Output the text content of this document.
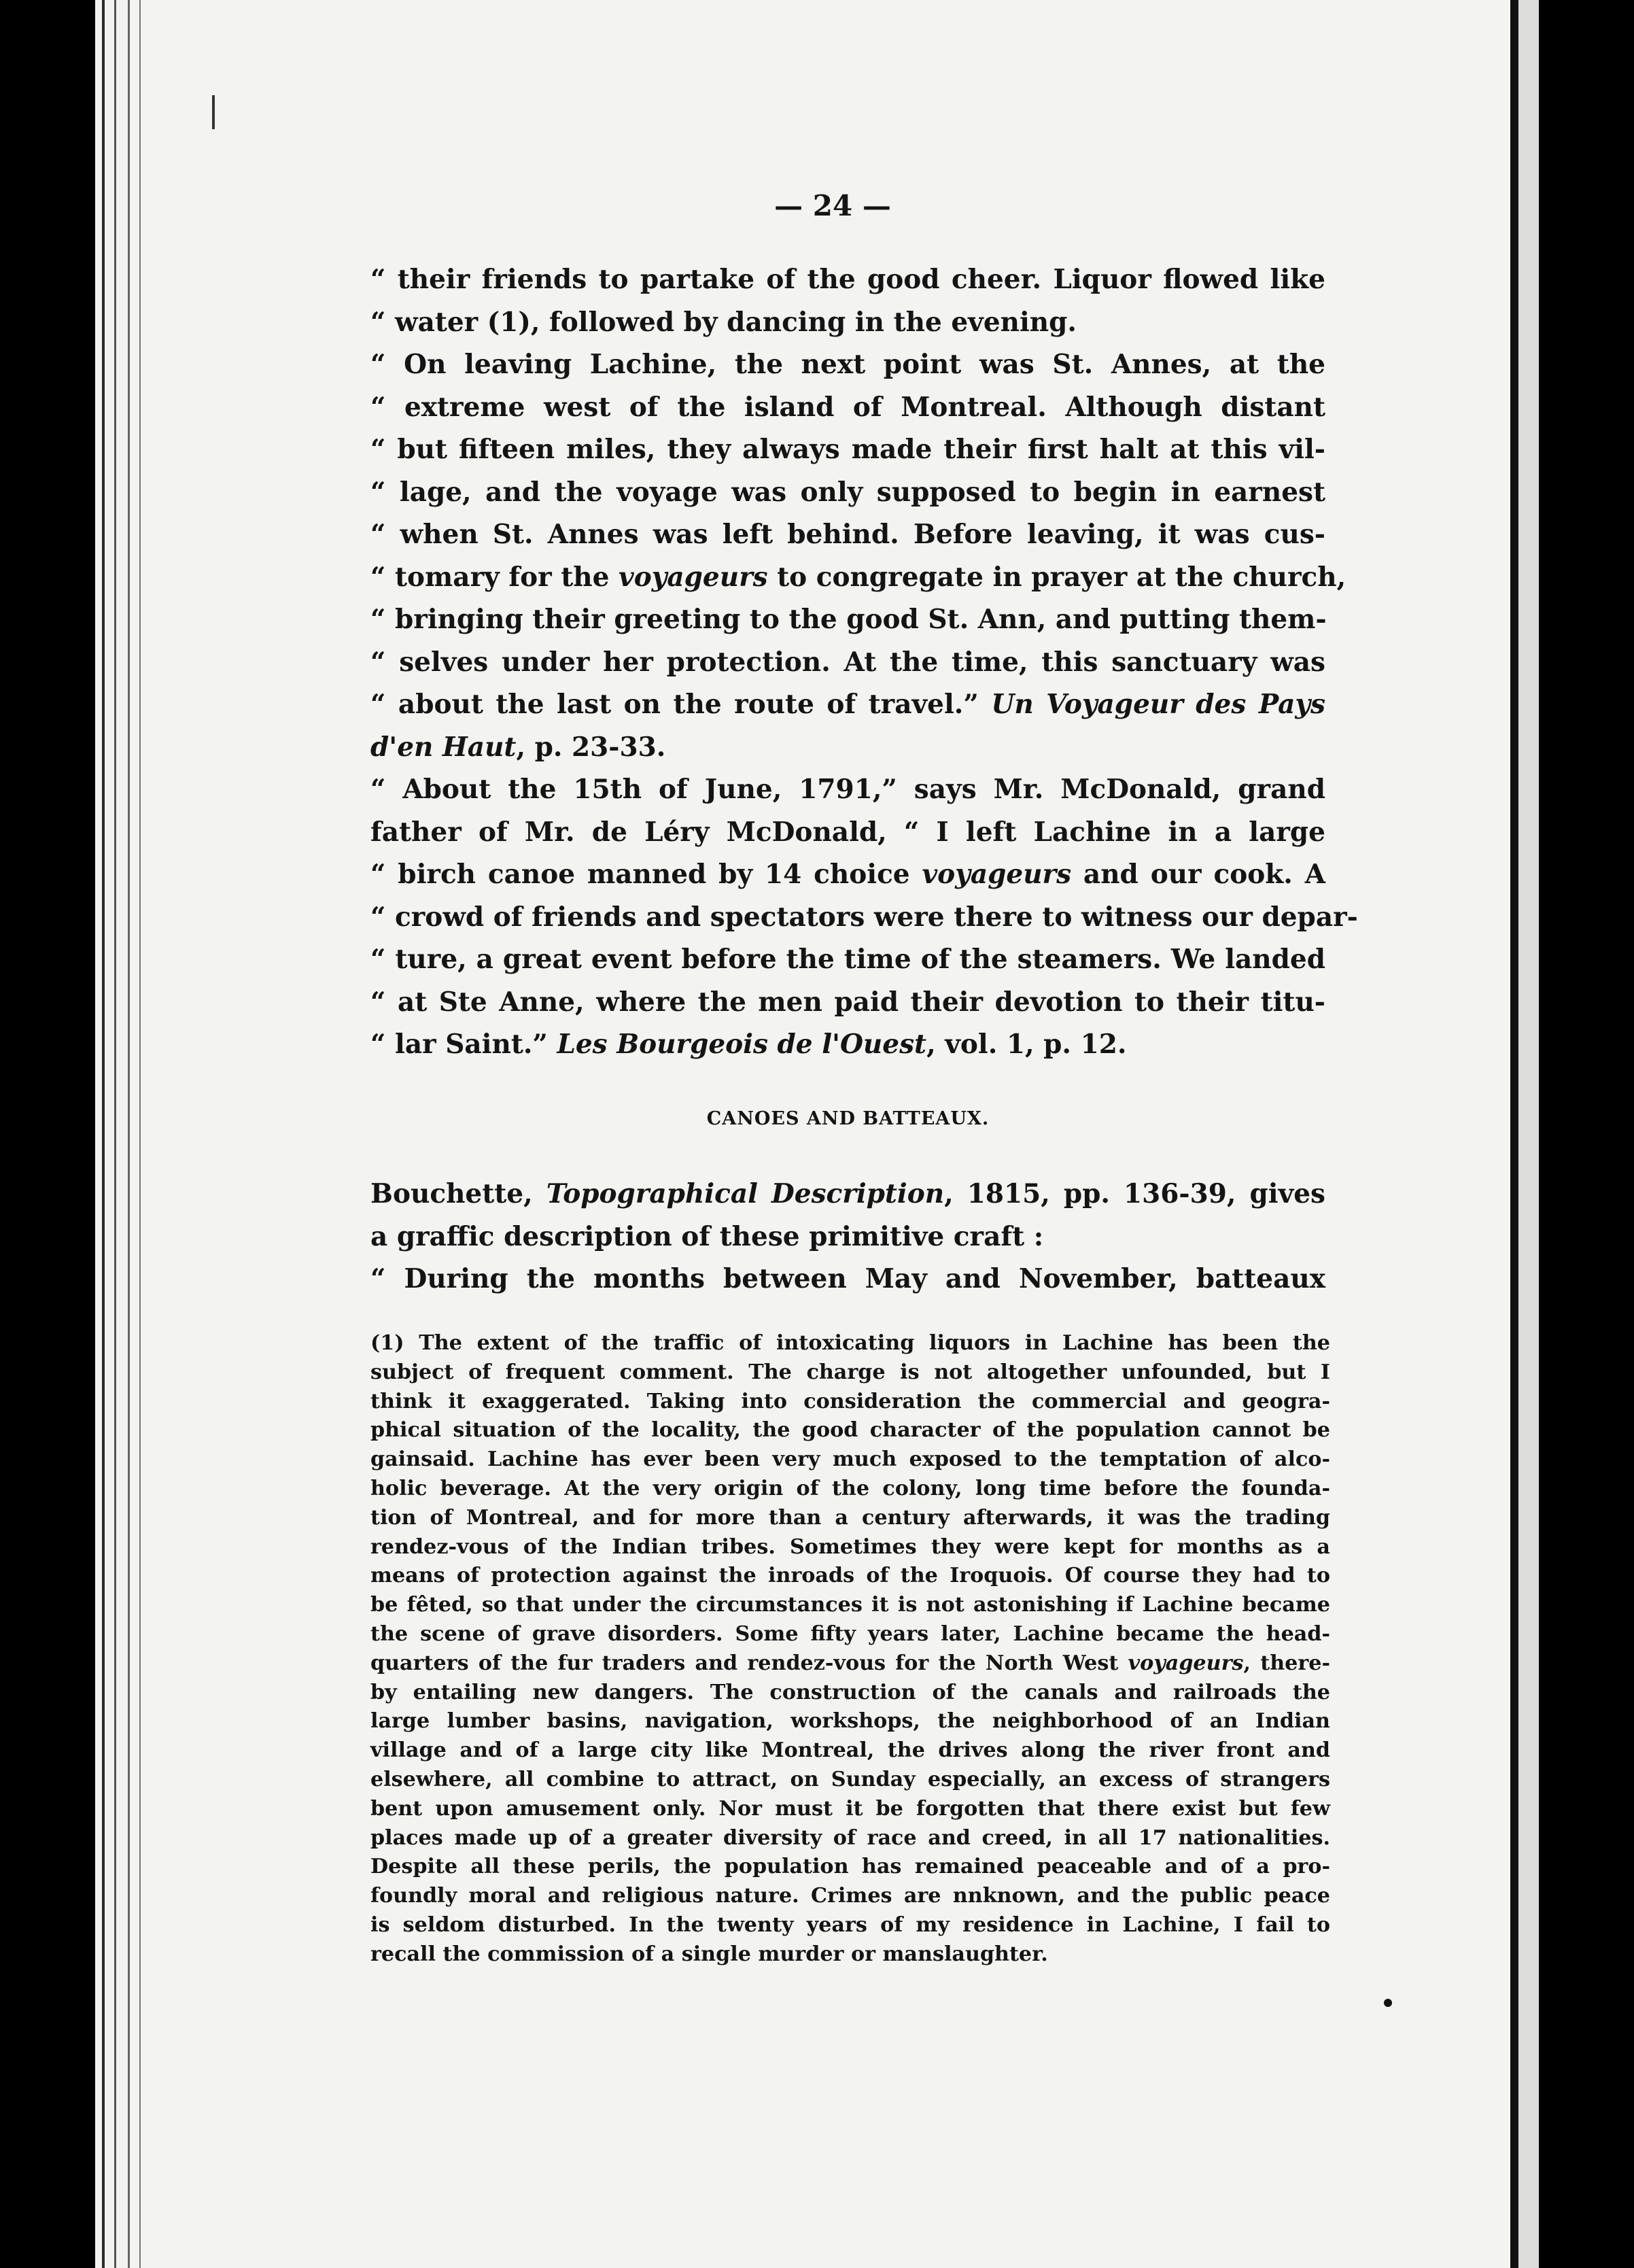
— 24 —
“ their friends to partake of the good cheer. Liquor flowed like
“ water (1), followed by dancing in the evening.
“ On leaving Lachine, the next point was St. Annes, at the
“ extreme west of the island of Montreal. Although distant
“ but fifteen miles, they always made their first halt at this vil-
“ lage, and the voyage was only supposed to begin in earnest
“ when St. Annes was left behind. Before leaving, it was cus-
“ tomary for the voyageurs to congregate in prayer at the church,
“ bringing their greeting to the good St. Ann, and putting them-
“ selves under her protection. At the time, this sanctuary was
“ about the last on the route of travel.” Un Voyageur des Pays
d'en Haut, p. 23-33.
“ About the 15th of June, 1791,” says Mr. McDonald, grand
father of Mr. de Léry McDonald, “ I left Lachine in a large
“ birch canoe manned by 14 choice voyageurs and our cook. A
“ crowd of friends and spectators were there to witness our depar-
“ ture, a great event before the time of the steamers. We landed
“ at Ste Anne, where the men paid their devotion to their titu-
“ lar Saint.” Les Bourgeois de l'Ouest, vol. 1, p. 12.
CANOES AND BATTEAUX.
Bouchette, Topographical Description, 1815, pp. 136-39, gives
a graffic description of these primitive craft :
“ During the months between May and November, batteaux
(1) The extent of the traffic of intoxicating liquors in Lachine has been the
subject of frequent comment. The charge is not altogether unfounded, but I
think it exaggerated. Taking into consideration the commercial and geogra-
phical situation of the locality, the good character of the population cannot be
gainsaid. Lachine has ever been very much exposed to the temptation of alco-
holic beverage. At the very origin of the colony, long time before the founda-
tion of Montreal, and for more than a century afterwards, it was the trading
rendez-vous of the Indian tribes. Sometimes they were kept for months as a
means of protection against the inroads of the Iroquois. Of course they had to
be fêted, so that under the circumstances it is not astonishing if Lachine became
the scene of grave disorders. Some fifty years later, Lachine became the head-
quarters of the fur traders and rendez-vous for the North West voyageurs, there-
by entailing new dangers. The construction of the canals and railroads the
large lumber basins, navigation, workshops, the neighborhood of an Indian
village and of a large city like Montreal, the drives along the river front and
elsewhere, all combine to attract, on Sunday especially, an excess of strangers
bent upon amusement only. Nor must it be forgotten that there exist but few
places made up of a greater diversity of race and creed, in all 17 nationalities.
Despite all these perils, the population has remained peaceable and of a pro-
foundly moral and religious nature. Crimes are nnknown, and the public peace
is seldom disturbed. In the twenty years of my residence in Lachine, I fail to
recall the commission of a single murder or manslaughter.
